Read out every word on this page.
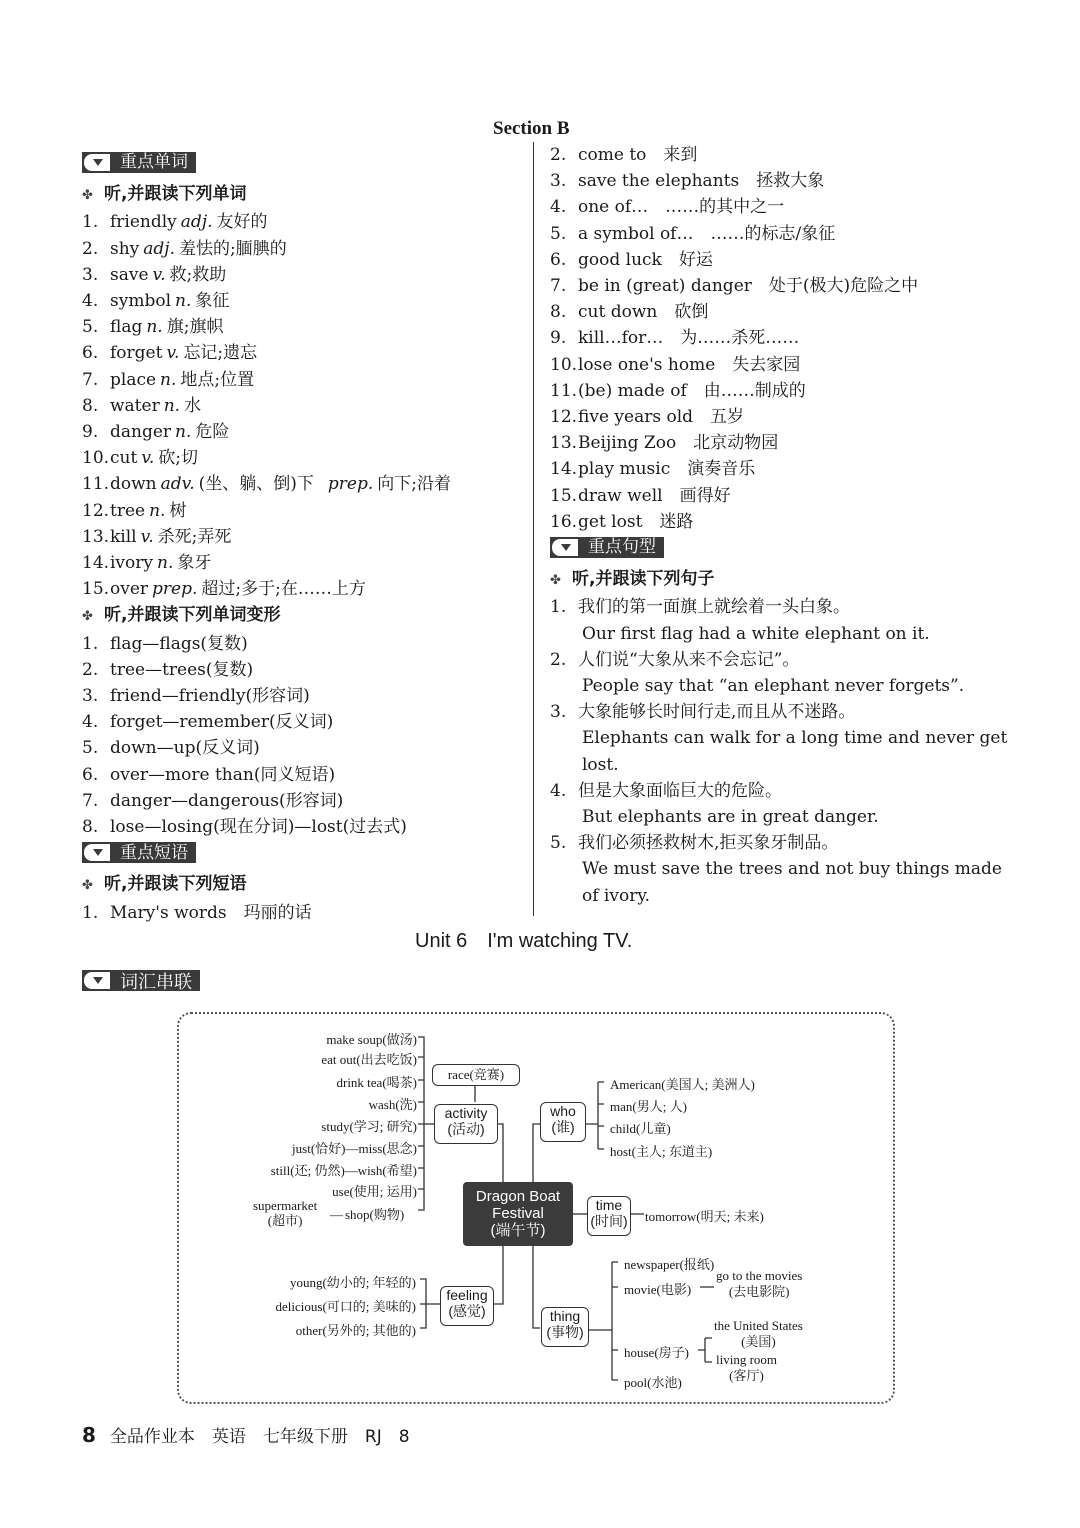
Section B
重点单词
✤ 听,并跟读下列单词
1. friendly adj. 友好的
2. shy adj. 羞怯的;腼腆的
3. save v. 救;救助
4. symbol n. 象征
5. flag n. 旗;旗帜
6. forget v. 忘记;遗忘
7. place n. 地点;位置
8. water n. 水
9. danger n. 危险
10.cut v. 砍;切
11.down adv. (坐、躺、倒)下 prep. 向下;沿着
12.tree n. 树
13.kill v. 杀死;弄死
14.ivory n. 象牙
15.over prep. 超过;多于;在……上方
✤ 听,并跟读下列单词变形
1. flag—flags(复数)
2. tree—trees(复数)
3. friend—friendly(形容词)
4. forget—remember(反义词)
5. down—up(反义词)
6. over—more than(同义短语)
7. danger—dangerous(形容词)
8. lose—losing(现在分词)—lost(过去式)
重点短语
✤ 听,并跟读下列短语
1. Mary's words　玛丽的话
2. come to　来到
3. save the elephants　拯救大象
4. one of…　……的其中之一
5. a symbol of…　……的标志/象征
6. good luck　好运
7. be in (great) danger　处于(极大)危险之中
8. cut down　砍倒
9. kill…for…　为……杀死……
10.lose one's home　失去家园
11.(be) made of　由……制成的
12.five years old　五岁
13.Beijing Zoo　北京动物园
14.play music　演奏音乐
15.draw well　画得好
16.get lost　迷路
重点句型
✤ 听,并跟读下列句子
1. 我们的第一面旗上就绘着一头白象。
Our first flag had a white elephant on it.
2. 人们说“大象从来不会忘记”。
People say that “an elephant never forgets”.
3. 大象能够长时间行走,而且从不迷路。
Elephants can walk for a long time and never get
lost.
4. 但是大象面临巨大的危险。
But elephants are in great danger.
5. 我们必须拯救树木,拒买象牙制品。
We must save the trees and not buy things made
of ivory.
Unit 6　I'm watching TV.
词汇串联
race(竞赛)
activity
(活动)
who
(谁)
time
(时间)
feeling
(感觉)	thing
(事物)
Dragon Boat
Festival
(端午节)
make soup(做汤)
eat out(出去吃饭)
drink tea(喝茶)
wash(洗)
study(学习; 研究)
just(恰好)—miss(思念)
still(还; 仍然)—wish(希望)
use(使用; 运用)
supermarket
(超市)	— shop(购物)
young(幼小的; 年轻的)
delicious(可口的; 美味的)
other(另外的; 其他的)
American(美国人; 美洲人)
man(男人; 人)
child(儿童)
host(主人; 东道主)
tomorrow(明天; 未来)
newspaper(报纸)
movie(电影)
house(房子)
pool(水池)
go to the movies
(去电影院)
the United States
(美国)
living room
(客厅)
8 全品作业本　英语　七年级下册　RJ　8
